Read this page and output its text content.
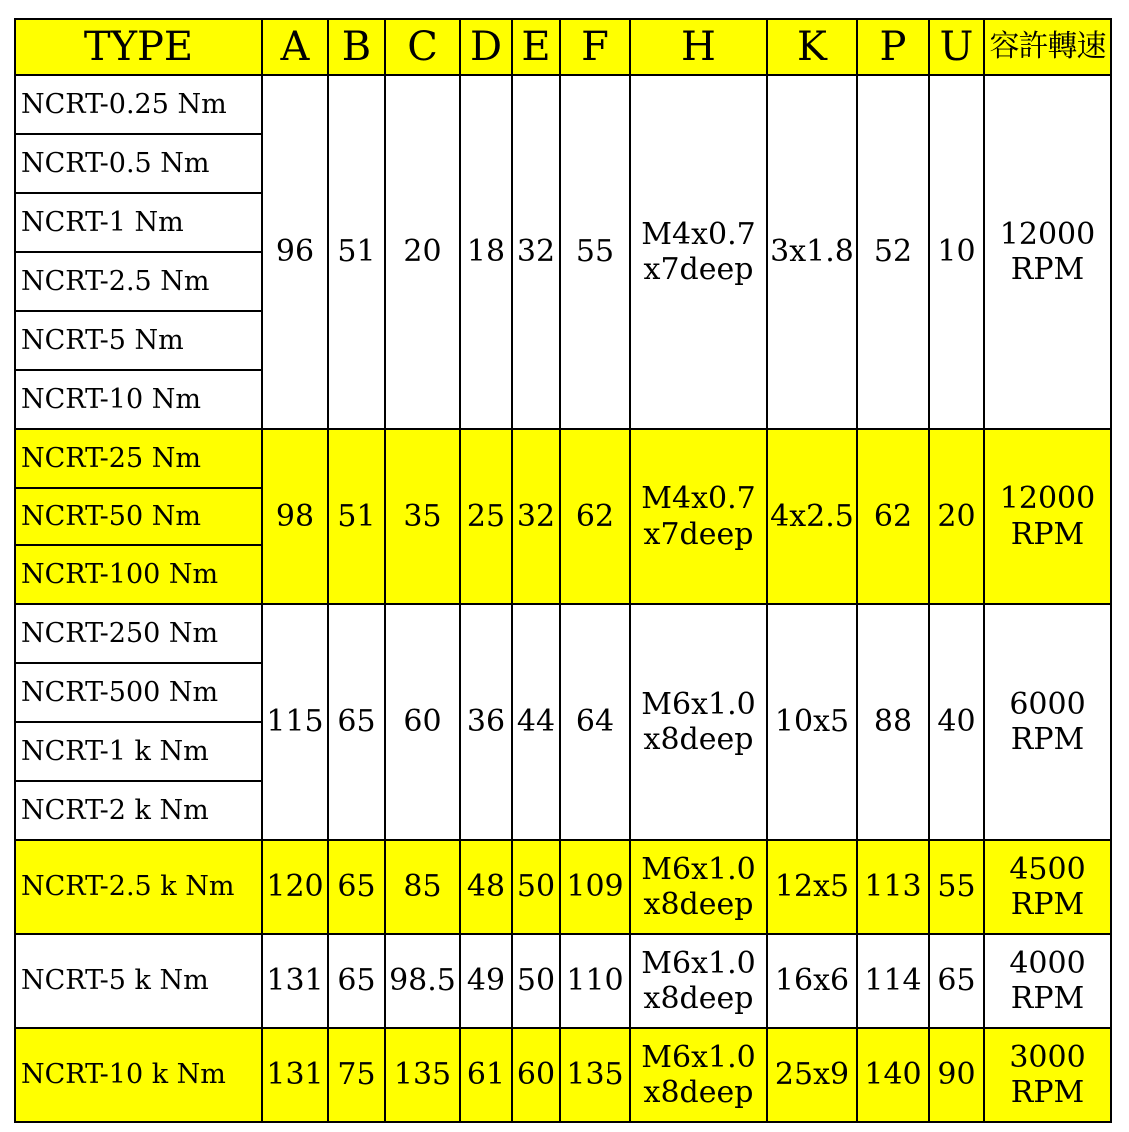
TYPE	A	B	C	D	E	F	H	K	P	U	容許轉速
NCRT-0.25 Nm	96	51	20	18	32	55	M4x0.7
x7deep	3x1.8	52	10	12000
RPM

NCRT-0.5 Nm											
NCRT-1 Nm											
NCRT-2.5 Nm											
NCRT-5 Nm											
NCRT-10 Nm											
NCRT-25 Nm	98	51	35	25	32	62	M4x0.7
x7deep	4x2.5	62	20	12000
RPM

NCRT-50 Nm											
NCRT-100 Nm											
NCRT-250 Nm	115	65	60	36	44	64	M6x1.0
x8deep	10x5	88	40	6000
RPM

NCRT-500 Nm											
NCRT-1 k Nm											
NCRT-2 k Nm											
NCRT-2.5 k Nm	120	65	85	48	50	109	M6x1.0
x8deep	12x5	113	55	4500
RPM

NCRT-5 k Nm	131	65	98.5	49	50	110	M6x1.0
x8deep	16x6	114	65	4000
RPM

NCRT-10 k Nm	131	75	135	61	60	135	M6x1.0
x8deep	25x9	140	90	3000
RPM
